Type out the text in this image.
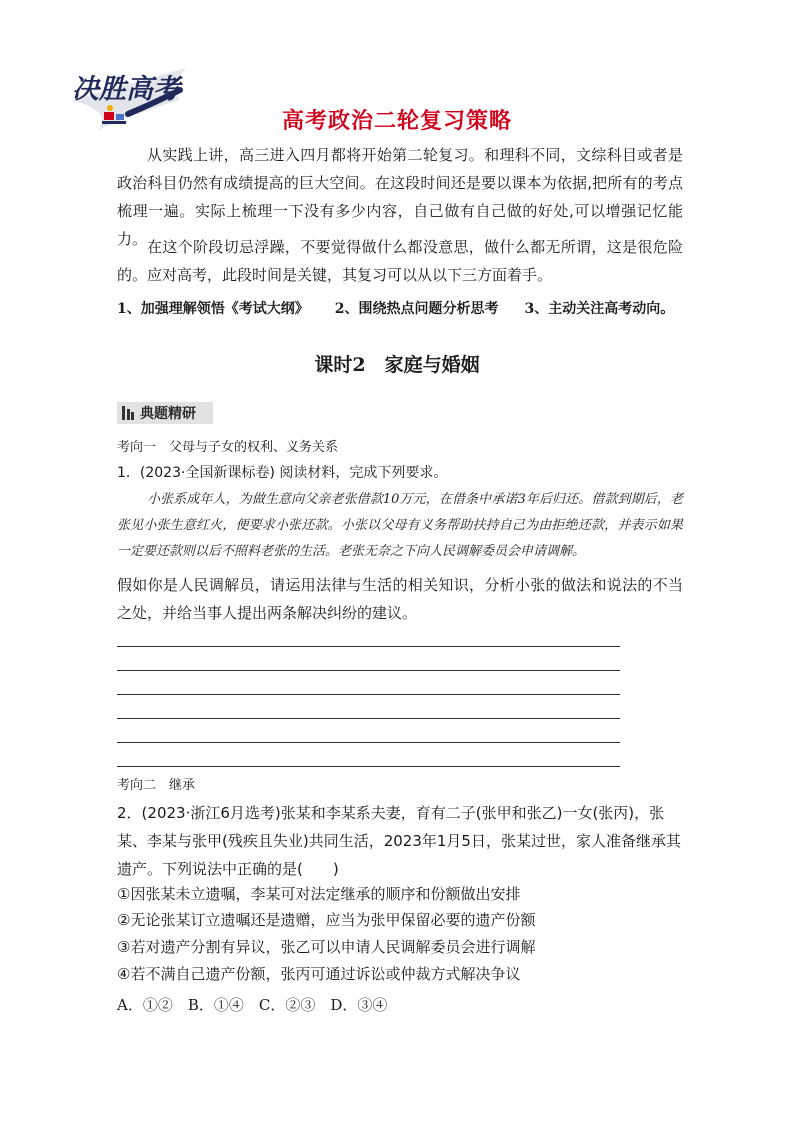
决胜高考
高考政治二轮复习策略

从实践上讲，高三进入四月都将开始第二轮复习。和理科不同，文综科目或者是政治科目仍然有成绩提高的巨大空间。在这段时间还是要以课本为依据,把所有的考点梳理一遍。实际上梳理一下没有多少内容，自己做有自己做的好处,可以增强记忆能力。 在这个阶段切忌浮躁，不要觉得做什么都没意思，做什么都无所谓，这是很危险的。应对高考，此段时间是关键，其复习可以从以下三方面着手。

1、加强理解领悟《考试大纲》 2、围绕热点问题分析思考 3、主动关注高考动向。
课时2　家庭与婚姻
典题精研
考向一　父母与子女的权利、义务关系
1．(2023·全国新课标卷) 阅读材料，完成下列要求。

小张系成年人，为做生意向父亲老张借款10万元，在借条中承诺3年后归还。借款到期后，老张见小张生意红火，便要求小张还款。小张以父母有义务帮助扶持自己为由拒绝还款，并表示如果一定要还款则以后不照料老张的生活。老张无奈之下向人民调解委员会申请调解。

假如你是人民调解员，请运用法律与生活的相关知识，分析小张的做法和说法的不当之处，并给当事人提出两条解决纠纷的建议。

考向二　继承

2．(2023·浙江6月选考)张某和李某系夫妻，育有二子(张甲和张乙)一女(张丙)，张某、李某与张甲(残疾且失业)共同生活，2023年1月5日，张某过世，家人准备继承其遗产。下列说法中正确的是(　　)

①因张某未立遗嘱，李某可对法定继承的顺序和份额做出安排
②无论张某订立遗嘱还是遗赠，应当为张甲保留必要的遗产份额
③若对遗产分割有异议，张乙可以申请人民调解委员会进行调解
④若不满自己遗产份额，张丙可通过诉讼或仲裁方式解决争议
A．①②　B．①④　C．②③　D．③④
